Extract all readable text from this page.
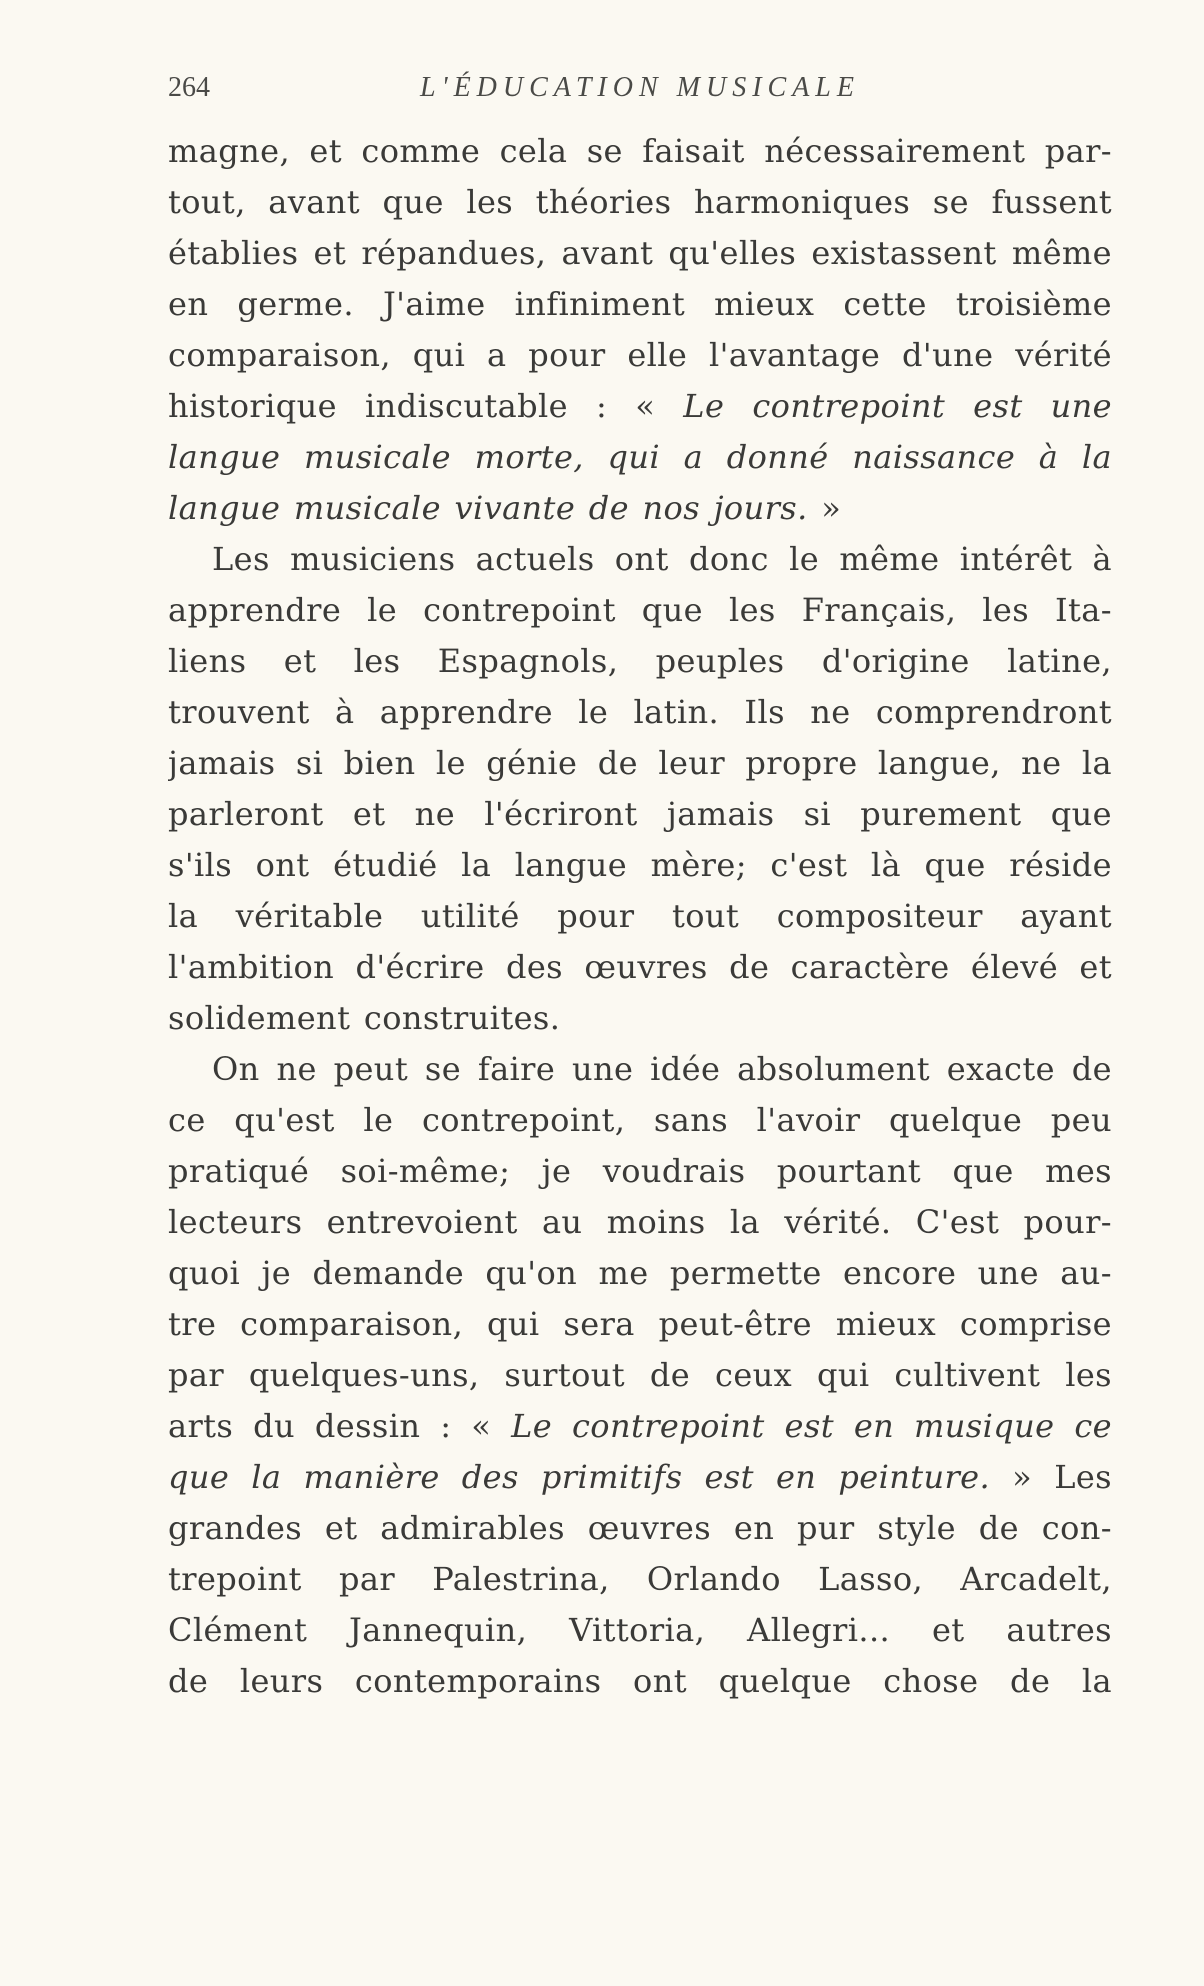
264	L'ÉDUCATION MUSICALE
magne, et comme cela se faisait nécessairement par-
tout, avant que les théories harmoniques se fussent
établies et répandues, avant qu'elles existassent même
en germe. J'aime infiniment mieux cette troisième
comparaison, qui a pour elle l'avantage d'une vérité
historique indiscutable : « Le contrepoint est une
langue musicale morte, qui a donné naissance à la
langue musicale vivante de nos jours. »
Les musiciens actuels ont donc le même intérêt à
apprendre le contrepoint que les Français, les Ita-
liens et les Espagnols, peuples d'origine latine,
trouvent à apprendre le latin. Ils ne comprendront
jamais si bien le génie de leur propre langue, ne la
parleront et ne l'écriront jamais si purement que
s'ils ont étudié la langue mère; c'est là que réside
la véritable utilité pour tout compositeur ayant
l'ambition d'écrire des œuvres de caractère élevé et
solidement construites.
On ne peut se faire une idée absolument exacte de
ce qu'est le contrepoint, sans l'avoir quelque peu
pratiqué soi-même; je voudrais pourtant que mes
lecteurs entrevoient au moins la vérité. C'est pour-
quoi je demande qu'on me permette encore une au-
tre comparaison, qui sera peut-être mieux comprise
par quelques-uns, surtout de ceux qui cultivent les
arts du dessin : « Le contrepoint est en musique ce
que la manière des primitifs est en peinture. » Les
grandes et admirables œuvres en pur style de con-
trepoint par Palestrina, Orlando Lasso, Arcadelt,
Clément Jannequin, Vittoria, Allegri... et autres
de leurs contemporains ont quelque chose de la
